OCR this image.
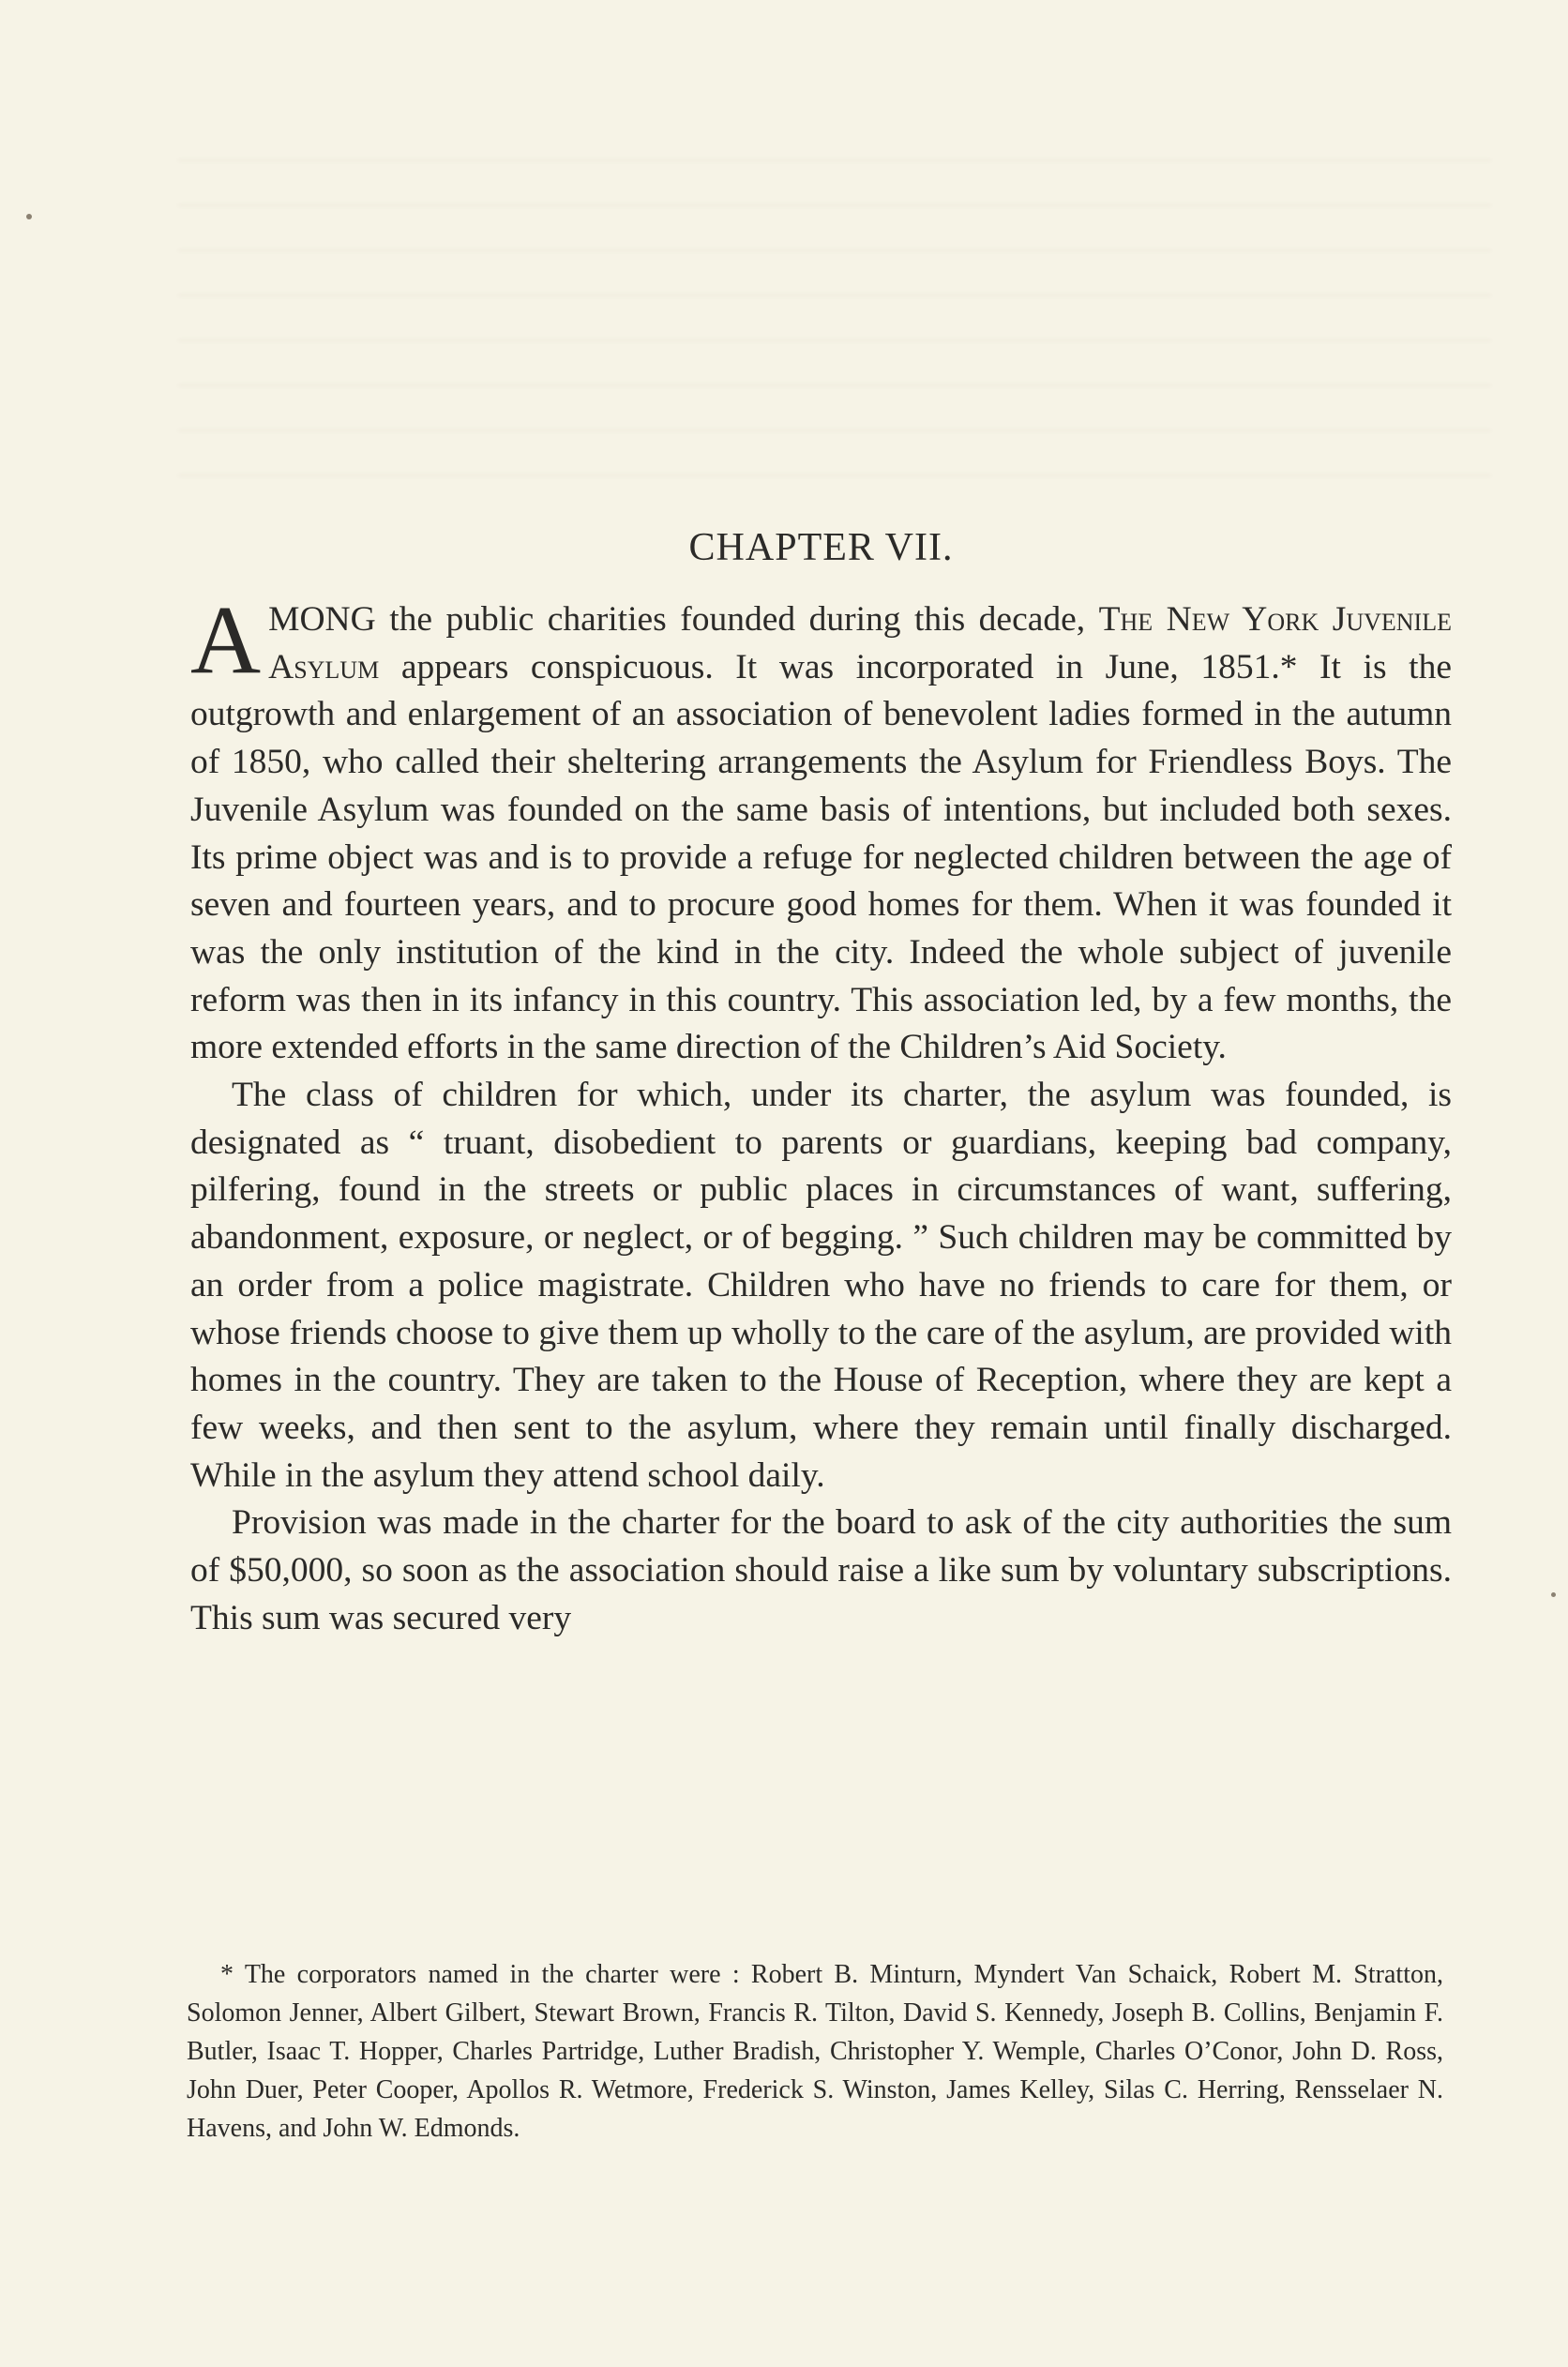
CHAPTER VII.

AMONG the public charities founded during this decade, The New York Juvenile Asylum appears conspicuous. It was incorporated in June, 1851.* It is the outgrowth and enlargement of an association of benevolent ladies formed in the autumn of 1850, who called their sheltering arrangements the Asylum for Friendless Boys. The Juvenile Asylum was founded on the same basis of intentions, but included both sexes. Its prime object was and is to provide a refuge for neglected children between the age of seven and fourteen years, and to procure good homes for them. When it was founded it was the only institution of the kind in the city. Indeed the whole subject of juvenile reform was then in its infancy in this country. This association led, by a few months, the more extended efforts in the same direction of the Children’s Aid Society.

The class of children for which, under its charter, the asylum was founded, is designated as “ truant, disobedient to parents or guardians, keeping bad company, pilfering, found in the streets or public places in circumstances of want, suffering, abandonment, exposure, or neglect, or of begging. ” Such children may be committed by an order from a police magistrate. Children who have no friends to care for them, or whose friends choose to give them up wholly to the care of the asylum, are provided with homes in the country. They are taken to the House of Reception, where they are kept a few weeks, and then sent to the asylum, where they remain until finally discharged. While in the asylum they attend school daily.

Provision was made in the charter for the board to ask of the city authorities the sum of $50,000, so soon as the association should raise a like sum by voluntary subscriptions. This sum was secured very

* The corporators named in the charter were : Robert B. Minturn, Myndert Van Schaick, Robert M. Stratton, Solomon Jenner, Albert Gilbert, Stewart Brown, Francis R. Tilton, David S. Kennedy, Joseph B. Collins, Benjamin F. Butler, Isaac T. Hopper, Charles Partridge, Luther Bradish, Christopher Y. Wemple, Charles O’Conor, John D. Ross, John Duer, Peter Cooper, Apollos R. Wetmore, Frederick S. Winston, James Kelley, Silas C. Herring, Rensselaer N. Havens, and John W. Edmonds.
